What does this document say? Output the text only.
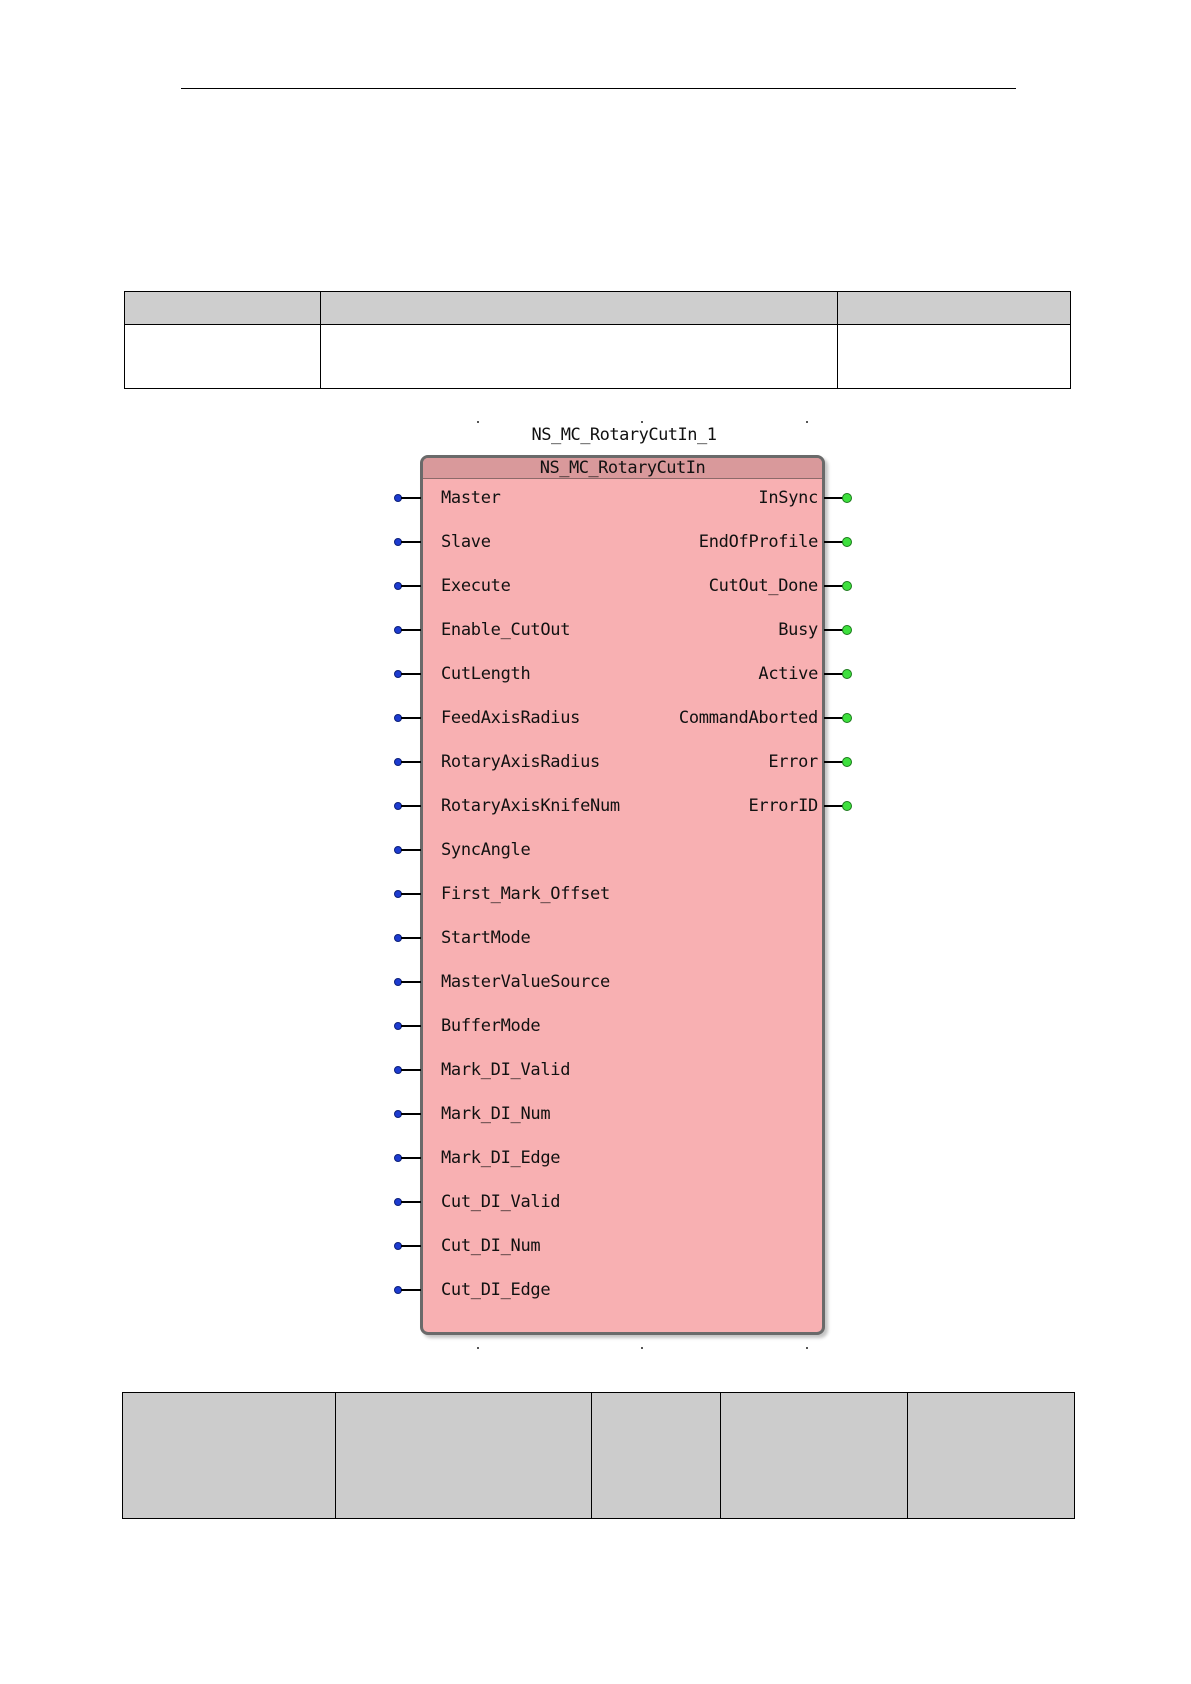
NS_MC_RotaryCutIn_1
NS_MC_RotaryCutIn
Master
Slave
Execute
Enable_CutOut
CutLength
FeedAxisRadius
RotaryAxisRadius
RotaryAxisKnifeNum
SyncAngle
First_Mark_Offset
StartMode
MasterValueSource
BufferMode
Mark_DI_Valid
Mark_DI_Num
Mark_DI_Edge
Cut_DI_Valid
Cut_DI_Num
Cut_DI_Edge
InSync
EndOfProfile
CutOut_Done
Busy
Active
CommandAborted
Error
ErrorID
